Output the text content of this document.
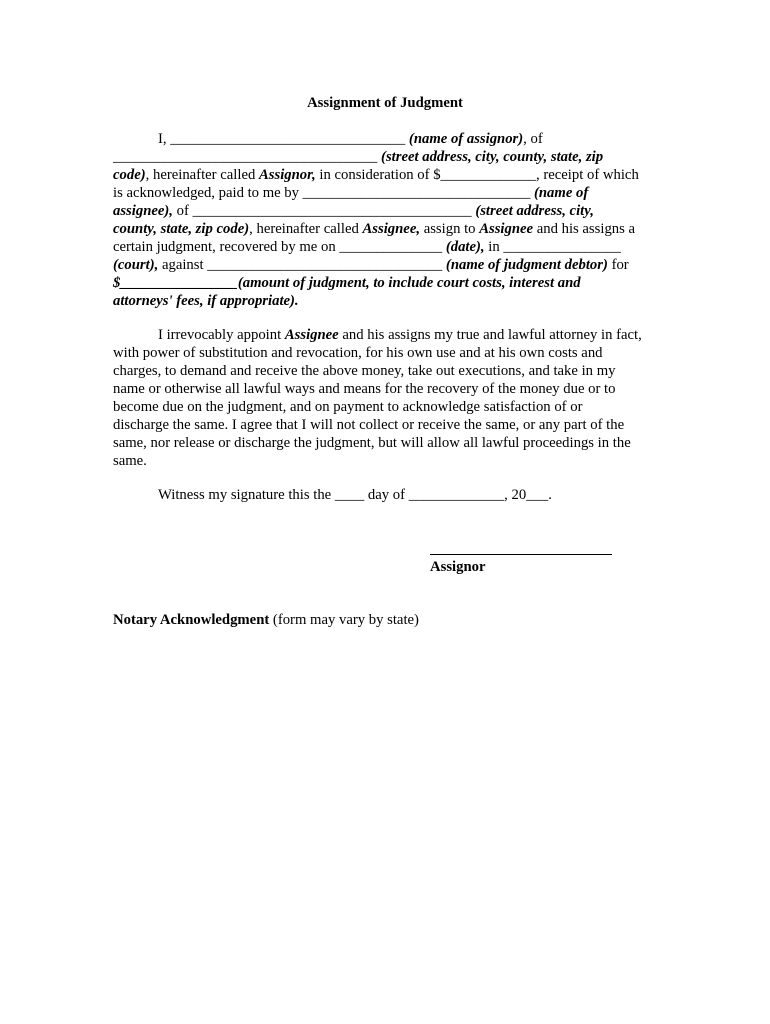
Assignment of Judgment
I, ________________________________ (name of assignor), of
____________________________________ (street address, city, county, state, zip
code), hereinafter called Assignor, in consideration of $_____________, receipt of which
is acknowledged, paid to me by _______________________________ (name of
assignee), of ______________________________________ (street address, city,
county, state, zip code), hereinafter called Assignee, assign to Assignee and his assigns a
certain judgment, recovered by me on ______________ (date), in ________________
(court), against ________________________________ (name of judgment debtor) for
$________________(amount of judgment, to include court costs, interest and
attorneys' fees, if appropriate).
I irrevocably appoint Assignee and his assigns my true and lawful attorney in fact,
with power of substitution and revocation, for his own use and at his own costs and
charges, to demand and receive the above money, take out executions, and take in my
name or otherwise all lawful ways and means for the recovery of the money due or to
become due on the judgment, and on payment to acknowledge satisfaction of or
discharge the same. I agree that I will not collect or receive the same, or any part of the
same, nor release or discharge the judgment, but will allow all lawful proceedings in the
same.
Witness my signature this the ____ day of _____________, 20___.
Assignor
Notary Acknowledgment (form may vary by state)
